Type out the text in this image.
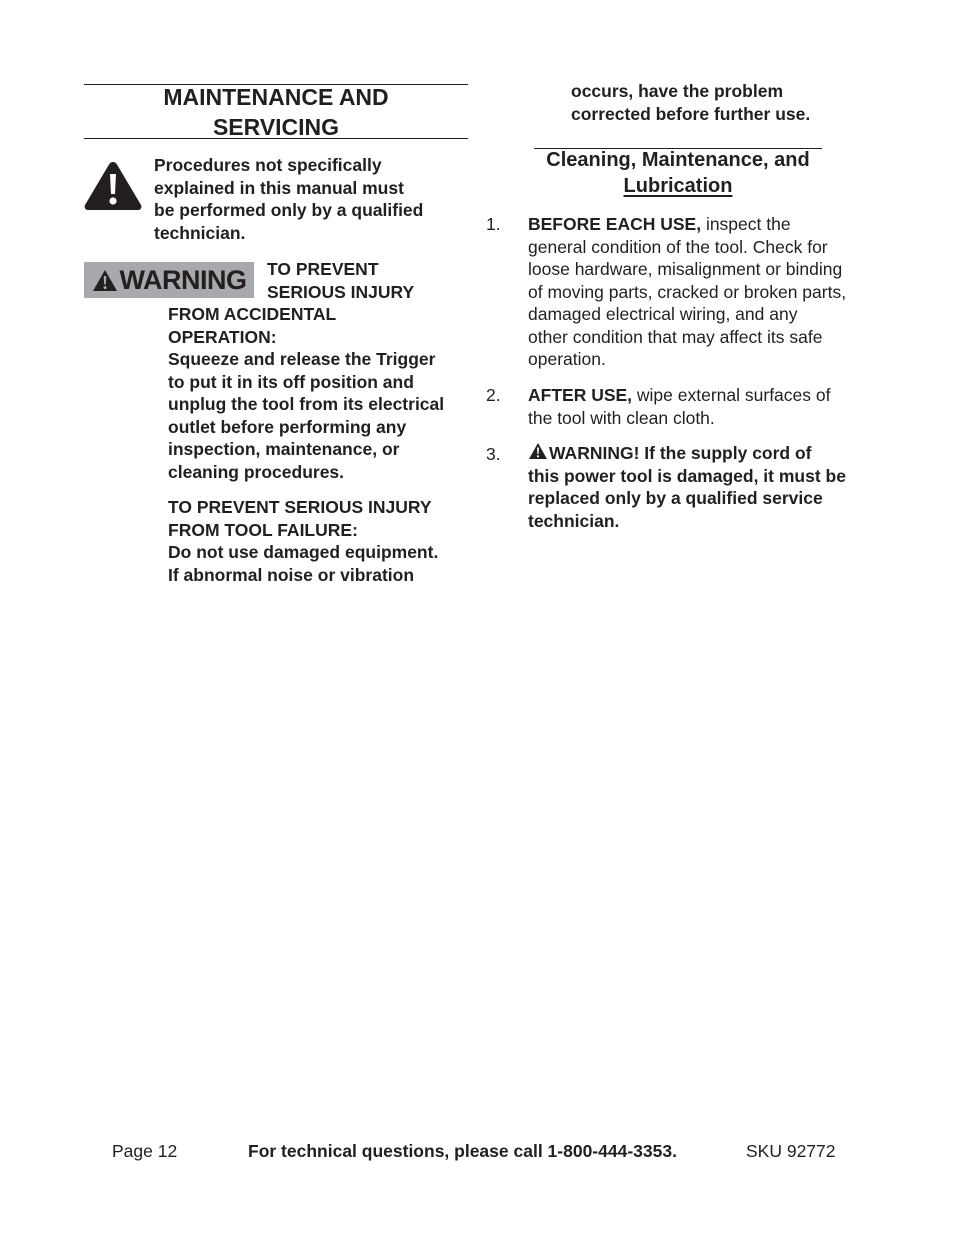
MAINTENANCE AND
SERVICING
Procedures not specifically
explained in this manual must
be performed only by a qualified
technician.
WARNING TO PREVENT
SERIOUS INJURY
FROM ACCIDENTAL
OPERATION:
Squeeze and release the Trigger
to put it in its off position and
unplug the tool from its electrical
outlet before performing any
inspection, maintenance, or
cleaning procedures.
TO PREVENT SERIOUS INJURY
FROM TOOL FAILURE:
Do not use damaged equipment.
If abnormal noise or vibration
occurs, have the problem
corrected before further use.
Cleaning, Maintenance, and
Lubrication
1. BEFORE EACH USE, inspect the
general condition of the tool. Check for
loose hardware, misalignment or binding
of moving parts, cracked or broken parts,
damaged electrical wiring, and any
other condition that may affect its safe
operation.
2. AFTER USE, wipe external surfaces of
the tool with clean cloth.
3.	WARNING! If the supply cord of
this power tool is damaged, it must be
replaced only by a qualified service
technician.
Page 12	For technical questions, please call 1-800-444-3353.	SKU 92772
